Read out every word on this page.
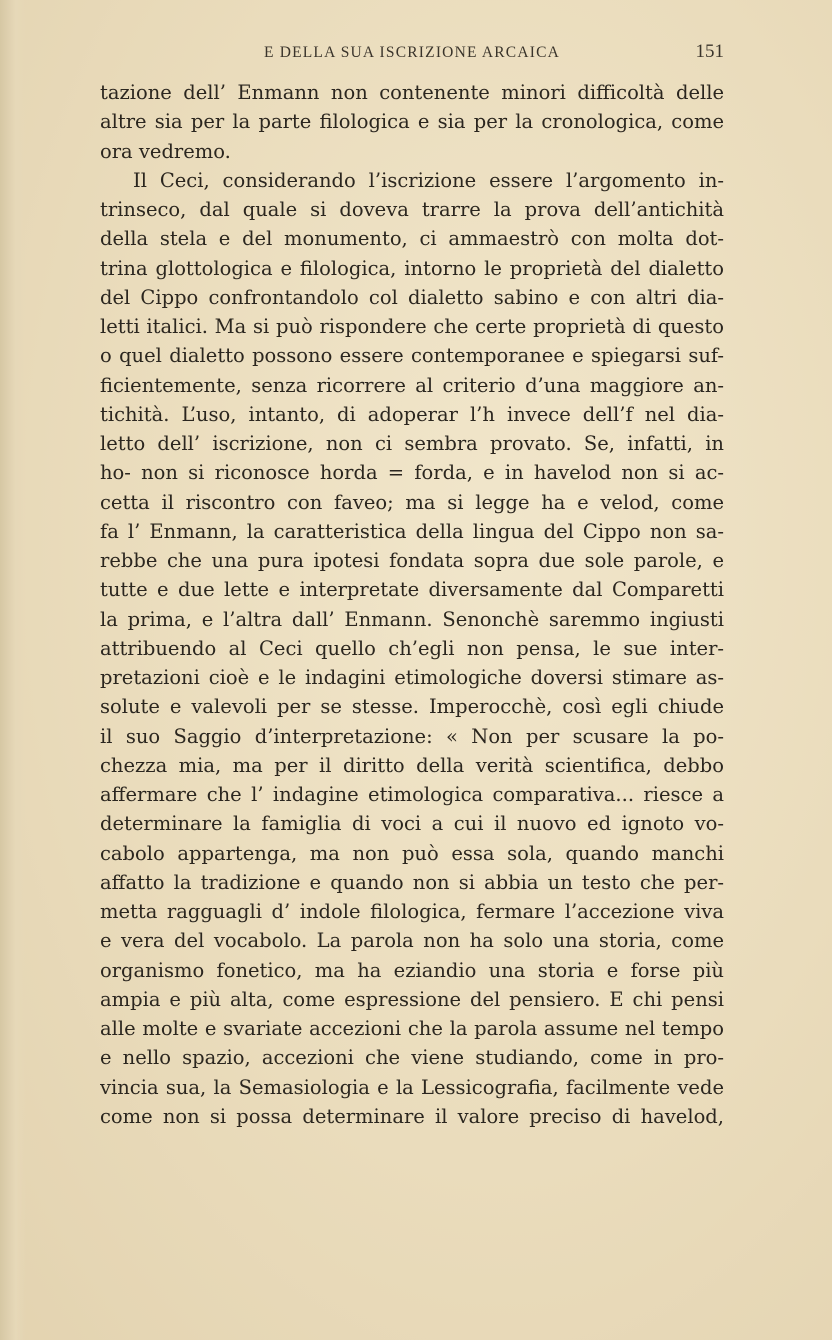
E DELLA SUA ISCRIZIONE ARCAICA	151
tazione dell’ Enmann non contenente minori difficoltà delle
altre sia per la parte filologica e sia per la cronologica, come
ora vedremo.
Il Ceci, considerando l’iscrizione essere l’argomento in-
trinseco, dal quale si doveva trarre la prova dell’antichità
della stela e del monumento, ci ammaestrò con molta dot-
trina glottologica e filologica, intorno le proprietà del dialetto
del Cippo confrontandolo col dialetto sabino e con altri dia-
letti italici. Ma si può rispondere che certe proprietà di questo
o quel dialetto possono essere contemporanee e spiegarsi suf-
ficientemente, senza ricorrere al criterio d’una maggiore an-
tichità. L’uso, intanto, di adoperar l’h invece dell’f nel dia-
letto dell’ iscrizione, non ci sembra provato. Se, infatti, in
ho- non si riconosce horda = forda, e in havelod non si ac-
cetta il riscontro con faveo; ma si legge ha e velod, come
fa l’ Enmann, la caratteristica della lingua del Cippo non sa-
rebbe che una pura ipotesi fondata sopra due sole parole, e
tutte e due lette e interpretate diversamente dal Comparetti
la prima, e l’altra dall’ Enmann. Senonchè saremmo ingiusti
attribuendo al Ceci quello ch’egli non pensa, le sue inter-
pretazioni cioè e le indagini etimologiche doversi stimare as-
solute e valevoli per se stesse. Imperocchè, così egli chiude
il suo Saggio d’interpretazione: « Non per scusare la po-
chezza mia, ma per il diritto della verità scientifica, debbo
affermare che l’ indagine etimologica comparativa... riesce a
determinare la famiglia di voci a cui il nuovo ed ignoto vo-
cabolo appartenga, ma non può essa sola, quando manchi
affatto la tradizione e quando non si abbia un testo che per-
metta ragguagli d’ indole filologica, fermare l’accezione viva
e vera del vocabolo. La parola non ha solo una storia, come
organismo fonetico, ma ha eziandio una storia e forse più
ampia e più alta, come espressione del pensiero. E chi pensi
alle molte e svariate accezioni che la parola assume nel tempo
e nello spazio, accezioni che viene studiando, come in pro-
vincia sua, la Semasiologia e la Lessicografia, facilmente vede
come non si possa determinare il valore preciso di havelod,
